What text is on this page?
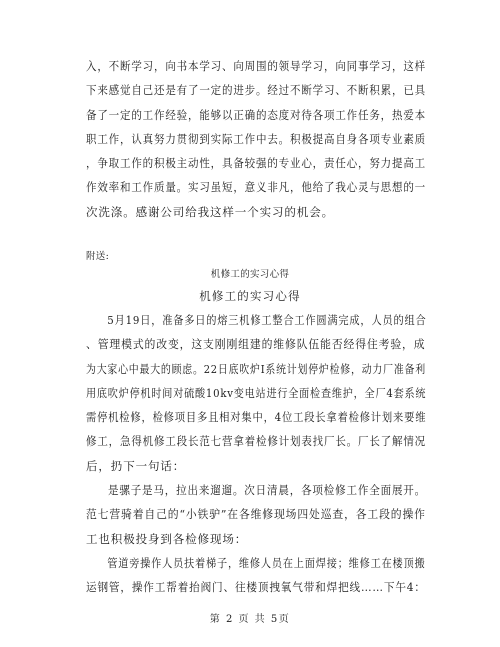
入，不断学习，向书本学习、向周围的领导学习，向同事学习，这样
下来感觉自己还是有了一定的进步。经过不断学习、不断积累，已具
备了一定的工作经验，能够以正确的态度对待各项工作任务，热爱本
职工作，认真努力贯彻到实际工作中去。积极提高自身各项专业素质
，争取工作的积极主动性，具备较强的专业心，责任心，努力提高工
作效率和工作质量。实习虽短，意义非凡，他给了我心灵与思想的一
次洗涤。感谢公司给我这样一个实习的机会。
附送:
机修工的实习心得
机修工的实习心得
5月19日，准备多日的熔三机修工整合工作圆满完成，人员的组合
、管理模式的改变，这支刚刚组建的维修队伍能否经得住考验，成
为大家心中最大的顾虑。22日底吹炉I系统计划停炉检修，动力厂准备利
用底吹炉停机时间对硫酸10kv变电站进行全面检查维护，全厂4套系统
需停机检修，检修项目多且相对集中，4位工段长拿着检修计划来要维
修工，急得机修工段长范七营拿着检修计划表找厂长。厂长了解情况
后，扔下一句话：
是骡子是马，拉出来遛遛。次日清晨，各项检修工作全面展开。
范七营骑着自己的“小铁驴”在各维修现场四处巡查，各工段的操作
工也积极投身到各检修现场：
管道旁操作人员扶着梯子，维修人员在上面焊接；维修工在楼顶搬
运钢管，操作工帮着抬阀门、往楼顶拽氧气带和焊把线……下午4：
第 2 页 共 5页
